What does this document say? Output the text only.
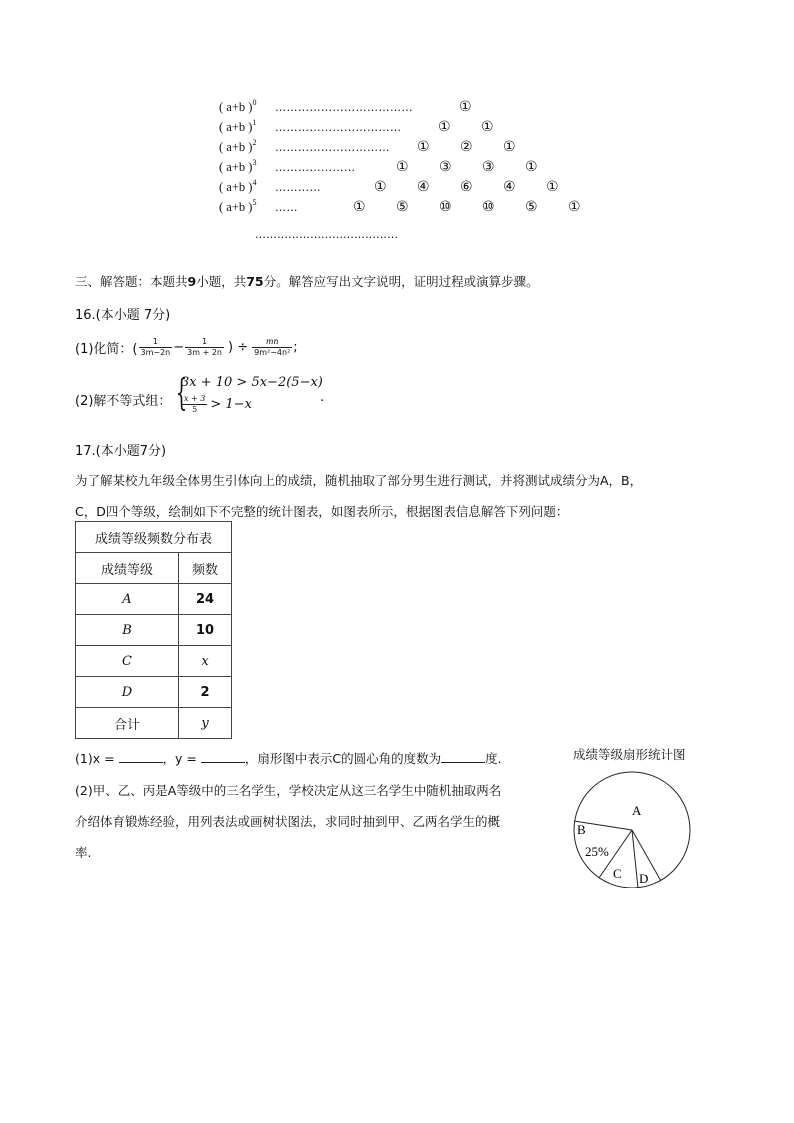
( a+b )$^0$ ………………………………	①
( a+b )$^1$ ……………………………	① ①
( a+b )$^2$ ………………………… ① ② ①
( a+b )$^3$ …………………	① ③ ③ ①
( a+b )$^4$ …………	① ④ ⑥ ④ ①
( a+b )$^5$ ……	① ⑤ ⑩ ⑩ ⑤ ①
…………………………………
三、解答题：本题共9小题，共75分。解答应写出文字说明，证明过程或演算步骤。
16.(本小题 7分)
(1)化简：( $\frac{1}{3m-2n} - \frac{1}{3m + 2n}$ ) ÷ $\frac{mn}{\text{9m²−4n²}}$ ;
(2)解不等式组： {
3x + 10 > 5x−2(5−x)
$\frac{x + 3}{5} > 1-x$	.
17.(本小题7分)
为了解某校九年级全体男生引体向上的成绩，随机抽取了部分男生进行测试，并将测试成绩分为A，B，
C，D四个等级，绘制如下不完整的统计图表，如图表所示，根据图表信息解答下列问题：
成绩等级频数分布表	
成绩等级	频数
A	24
B	10
C	x
D	2
合计	y
(1)x =	，y =	，扇形图中表示C的圆心角的度数为	度.
(2)甲、乙、丙是A等级中的三名学生，学校决定从这三名学生中随机抽取两名
介绍体育锻炼经验，用列表法或画树状图法，求同时抽到甲、乙两名学生的概
率.
成绩等级扇形统计图
A
B
25%
C D
